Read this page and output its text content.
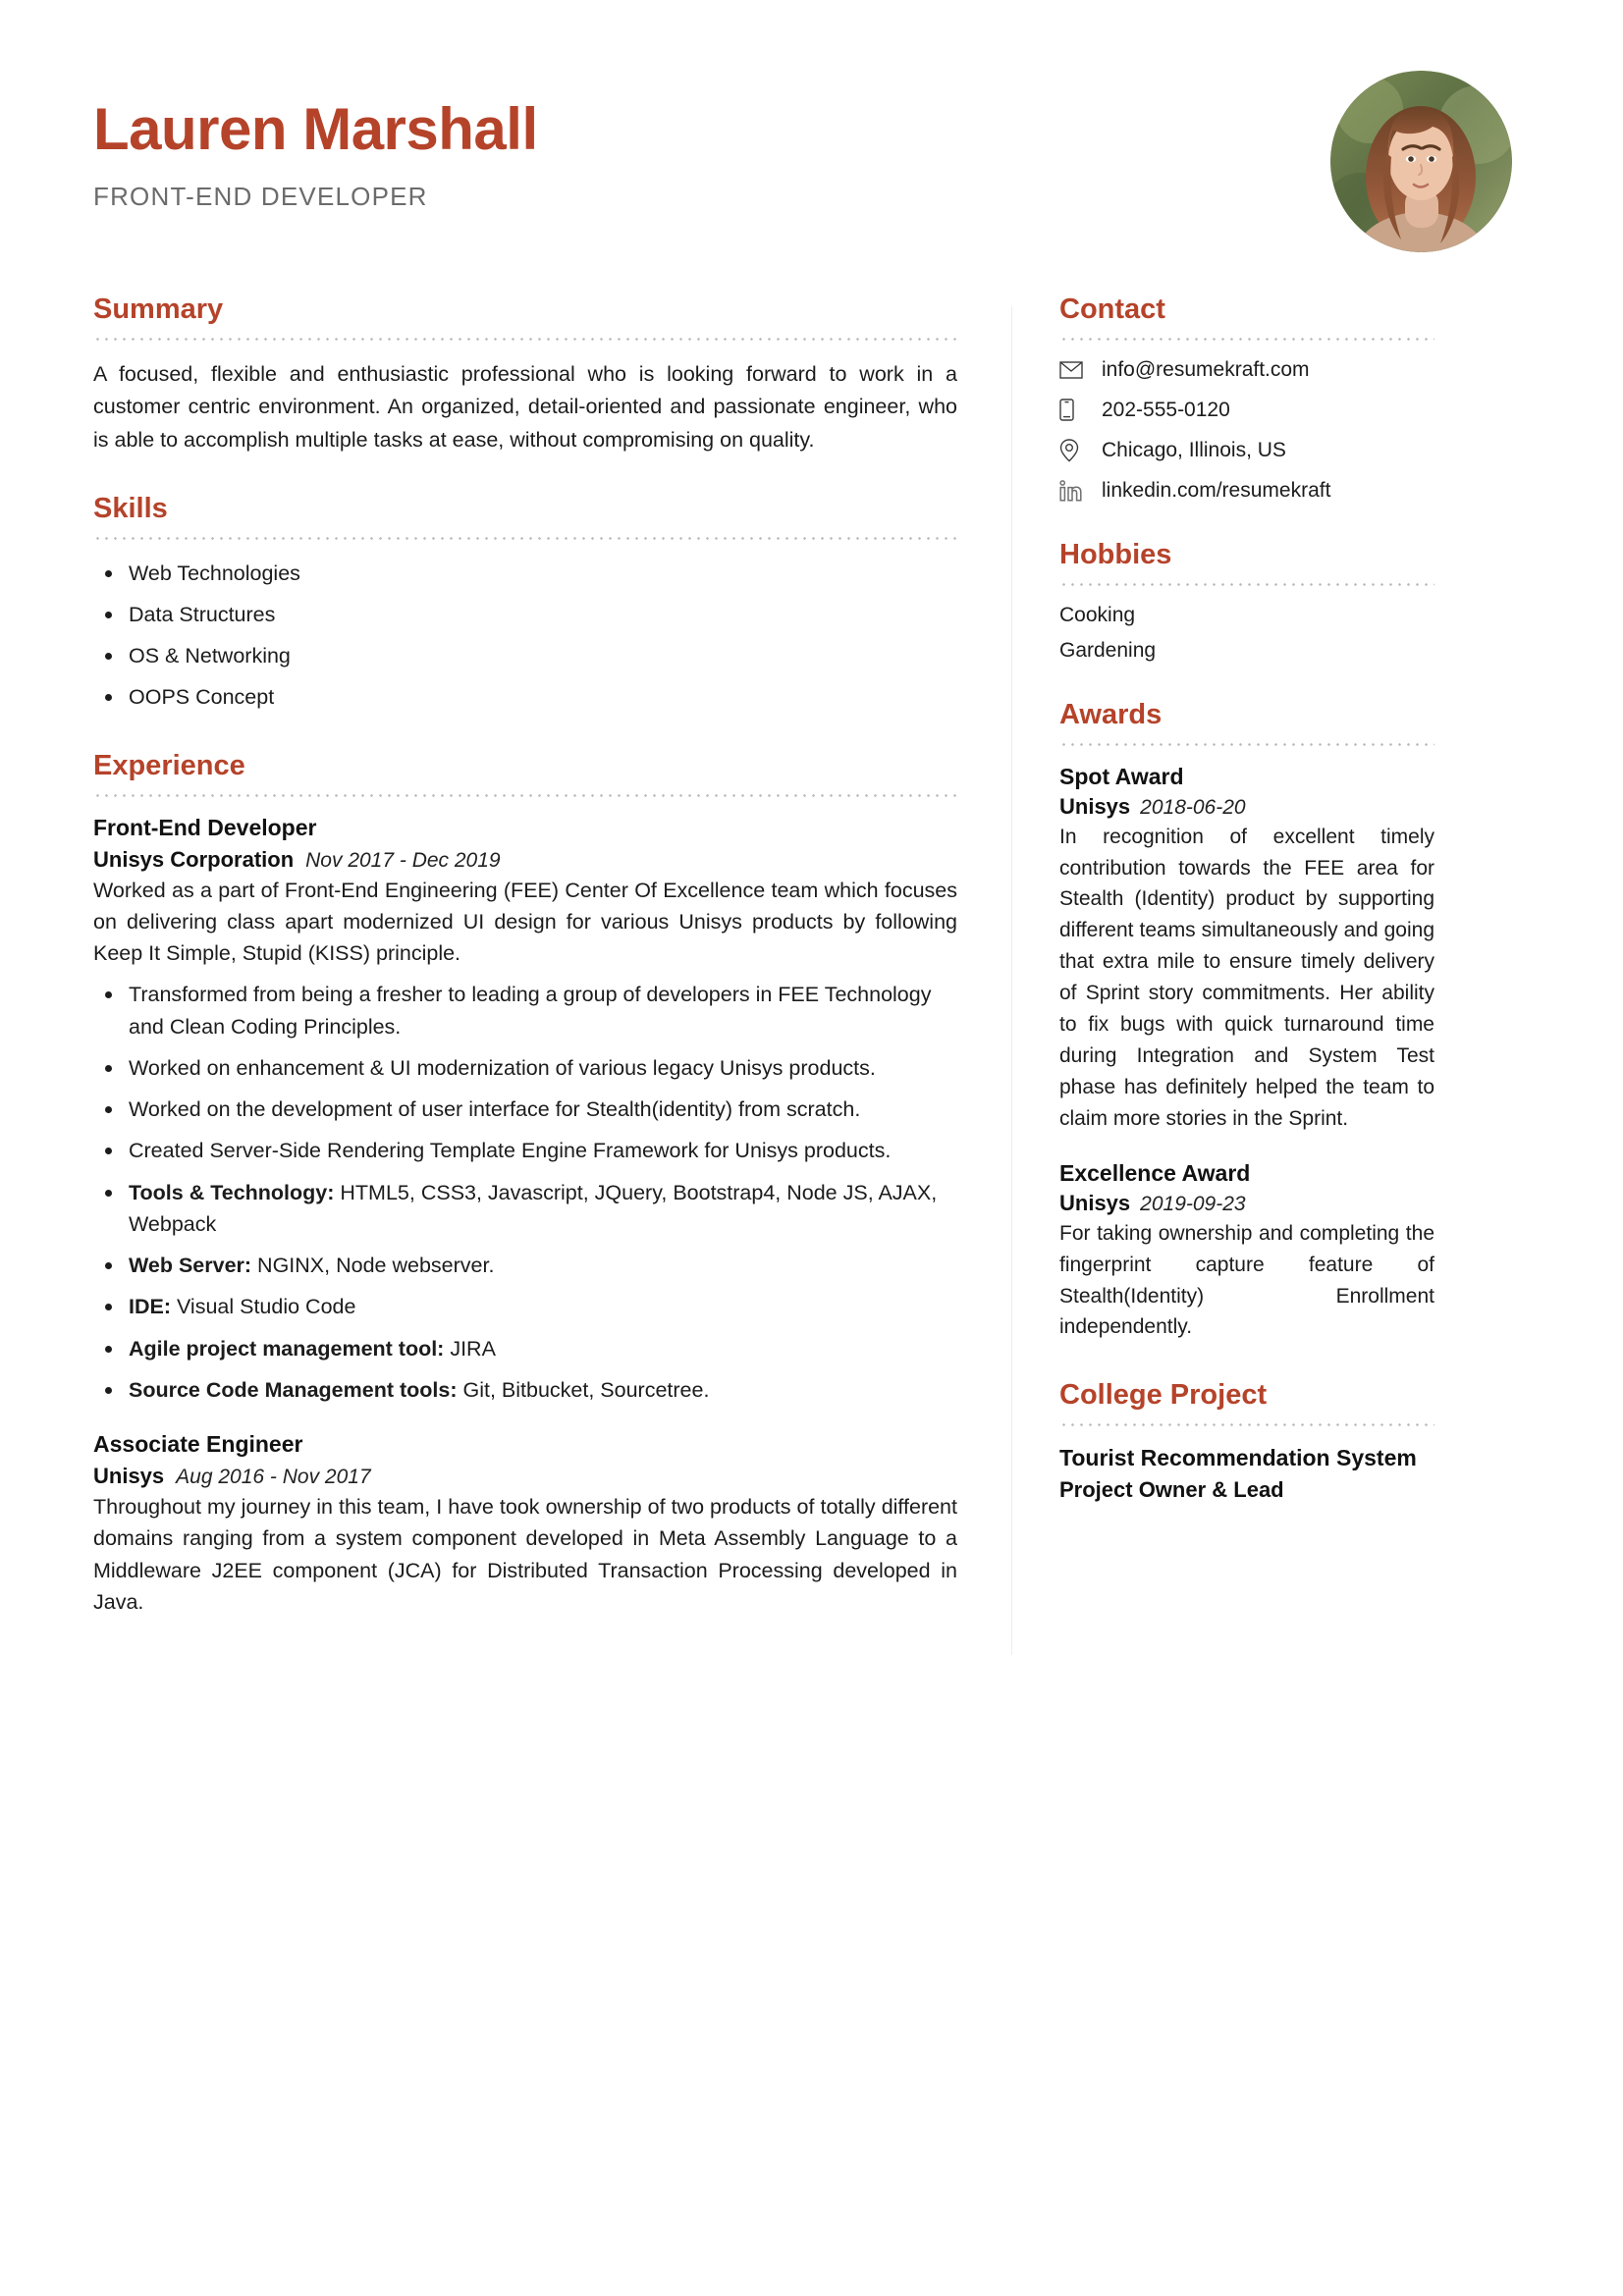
Lauren Marshall
FRONT-END DEVELOPER
Summary
A focused, flexible and enthusiastic professional who is looking forward to work in a customer centric environment. An organized, detail-oriented and passionate engineer, who is able to accomplish multiple tasks at ease, without compromising on quality.
Skills
Web Technologies
Data Structures
OS & Networking
OOPS Concept
Experience
Front-End Developer
Unisys Corporation Nov 2017 - Dec 2019
Worked as a part of Front-End Engineering (FEE) Center Of Excellence team which focuses on delivering class apart modernized UI design for various Unisys products by following Keep It Simple, Stupid (KISS) principle.
Transformed from being a fresher to leading a group of developers in FEE Technology and Clean Coding Principles.
Worked on enhancement & UI modernization of various legacy Unisys products.
Worked on the development of user interface for Stealth(identity) from scratch.
Created Server-Side Rendering Template Engine Framework for Unisys products.
Tools & Technology: HTML5, CSS3, Javascript, JQuery, Bootstrap4, Node JS, AJAX, Webpack
Web Server: NGINX, Node webserver.
IDE: Visual Studio Code
Agile project management tool: JIRA
Source Code Management tools: Git, Bitbucket, Sourcetree.
Associate Engineer
Unisys Aug 2016 - Nov 2017
Throughout my journey in this team, I have took ownership of two products of totally different domains ranging from a system component developed in Meta Assembly Language to a Middleware J2EE component (JCA) for Distributed Transaction Processing developed in Java.
Contact
info@resumekraft.com
202-555-0120
Chicago, Illinois, US
linkedin.com/resumekraft
Hobbies
Cooking
Gardening
Awards
Spot Award
Unisys 2018-06-20
In recognition of excellent timely contribution towards the FEE area for Stealth (Identity) product by supporting different teams simultaneously and going that extra mile to ensure timely delivery of Sprint story commitments. Her ability to fix bugs with quick turnaround time during Integration and System Test phase has definitely helped the team to claim more stories in the Sprint.
Excellence Award
Unisys 2019-09-23
For taking ownership and completing the fingerprint capture feature of Stealth(Identity) Enrollment independently.
College Project
Tourist Recommendation System
Project Owner & Lead
